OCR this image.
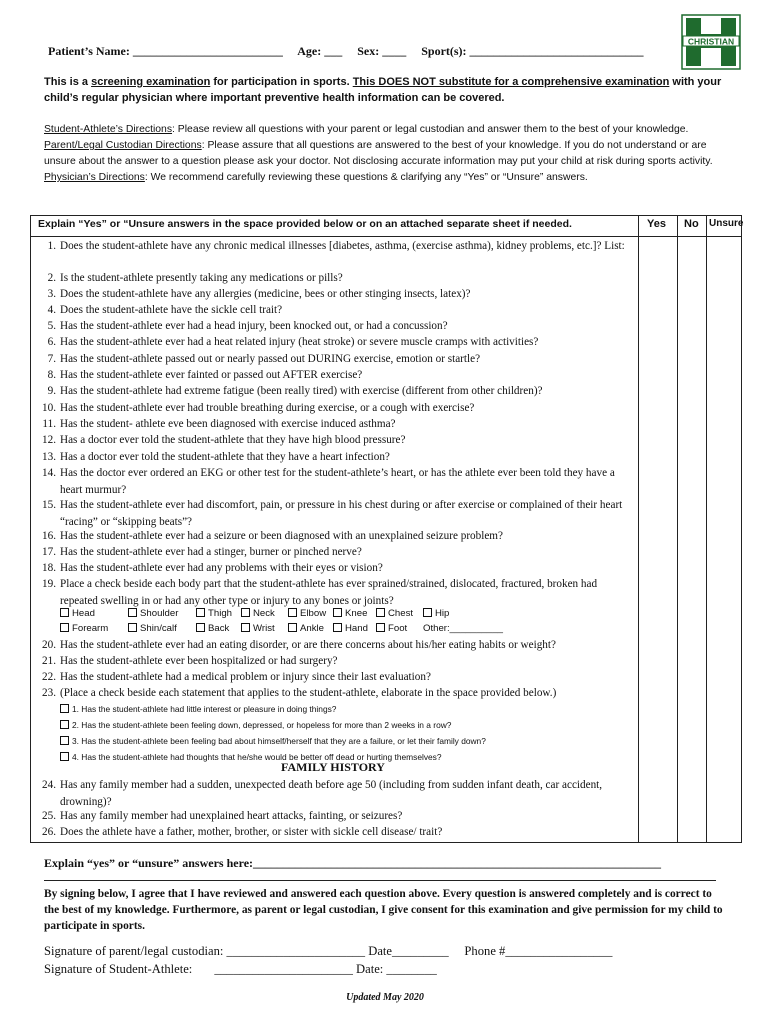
CHRISTIAN
Patient’s Name: _________________________ Age: ___ Sex: ____ Sport(s): _____________________________
This is a screening examination for participation in sports. This DOES NOT substitute for a comprehensive examination with your child’s regular physician where important preventive health information can be covered.

Student-Athlete’s Directions: Please review all questions with your parent or legal custodian and answer them to the best of your knowledge.

Parent/Legal Custodian Directions: Please assure that all questions are answered to the best of your knowledge. If you do not understand or are unsure about the answer to a question please ask your doctor. Not disclosing accurate information may put your child at risk during sports activity.

Physician’s Directions: We recommend carefully reviewing these questions & clarifying any “Yes” or “Unsure” answers.

Explain “Yes” or “Unsure answers in the space provided below or on an attached separate sheet if needed.	Yes No Unsure
1. Does the student-athlete have any chronic medical illnesses [diabetes, asthma, (exercise asthma), kidney problems, etc.]? List:
2. Is the student-athlete presently taking any medications or pills?
3. Does the student-athlete have any allergies (medicine, bees or other stinging insects, latex)?
4. Does the student-athlete have the sickle cell trait?
5. Has the student-athlete ever had a head injury, been knocked out, or had a concussion?
6. Has the student-athlete ever had a heat related injury (heat stroke) or severe muscle cramps with activities?
7. Has the student-athlete passed out or nearly passed out DURING exercise, emotion or startle?
8. Has the student-athlete ever fainted or passed out AFTER exercise?
9. Has the student-athlete had extreme fatigue (been really tired) with exercise (different from other children)?
10. Has the student-athlete ever had trouble breathing during exercise, or a cough with exercise?
11. Has the student- athlete eve been diagnosed with exercise induced asthma?
12. Has a doctor ever told the student-athlete that they have high blood pressure?
13. Has a doctor ever told the student-athlete that they have a heart infection?
14. Has the doctor ever ordered an EKG or other test for the student-athlete’s heart, or has the athlete ever been told they have a heart murmur?
15. Has the student-athlete ever had discomfort, pain, or pressure in his chest during or after exercise or complained of their heart “racing” or “skipping beats”?
16. Has the student-athlete ever had a seizure or been diagnosed with an unexplained seizure problem?
17. Has the student-athlete ever had a stinger, burner or pinched nerve?
18. Has the student-athlete ever had any problems with their eyes or vision?
19. Place a check beside each body part that the student-athlete has ever sprained/strained, dislocated, fractured, broken had repeated swelling in or had any other type or injury to any bones or joints?
Head	Shoulder	Thigh	Neck	Elbow	Knee	Chest	Hip
Forearm	Shin/calf	Back	Wrist	Ankle	Hand	Foot Other:__________
20. Has the student-athlete ever had an eating disorder, or are there concerns about his/her eating habits or weight?
21. Has the student-athlete ever been hospitalized or had surgery?
22. Has the student-athlete had a medical problem or injury since their last evaluation?
23. (Place a check beside each statement that applies to the student-athlete, elaborate in the space provided below.)
1. Has the student-athlete had little interest or pleasure in doing things?
2. Has the student-athlete been feeling down, depressed, or hopeless for more than 2 weeks in a row?
3. Has the student-athlete been feeling bad about himself/herself that they are a failure, or let their family down?
4. Has the student-athlete had thoughts that he/she would be better off dead or hurting themselves?
FAMILY HISTORY
24. Has any family member had a sudden, unexpected death before age 50 (including from sudden infant death, car accident, drowning)?
25. Has any family member had unexplained heart attacks, fainting, or seizures?
26. Does the athlete have a father, mother, brother, or sister with sickle cell disease/ trait?
Explain “yes” or “unsure” answers here:____________________________________________________________________
By signing below, I agree that I have reviewed and answered each question above. Every question is answered completely and is correct to the best of my knowledge. Furthermore, as parent or legal custodian, I give consent for this examination and give permission for my child to participate in sports.
Signature of parent/legal custodian: ______________________ Date_________     Phone #_________________
Signature of Student-Athlete:       ______________________ Date: ________
Updated May 2020
